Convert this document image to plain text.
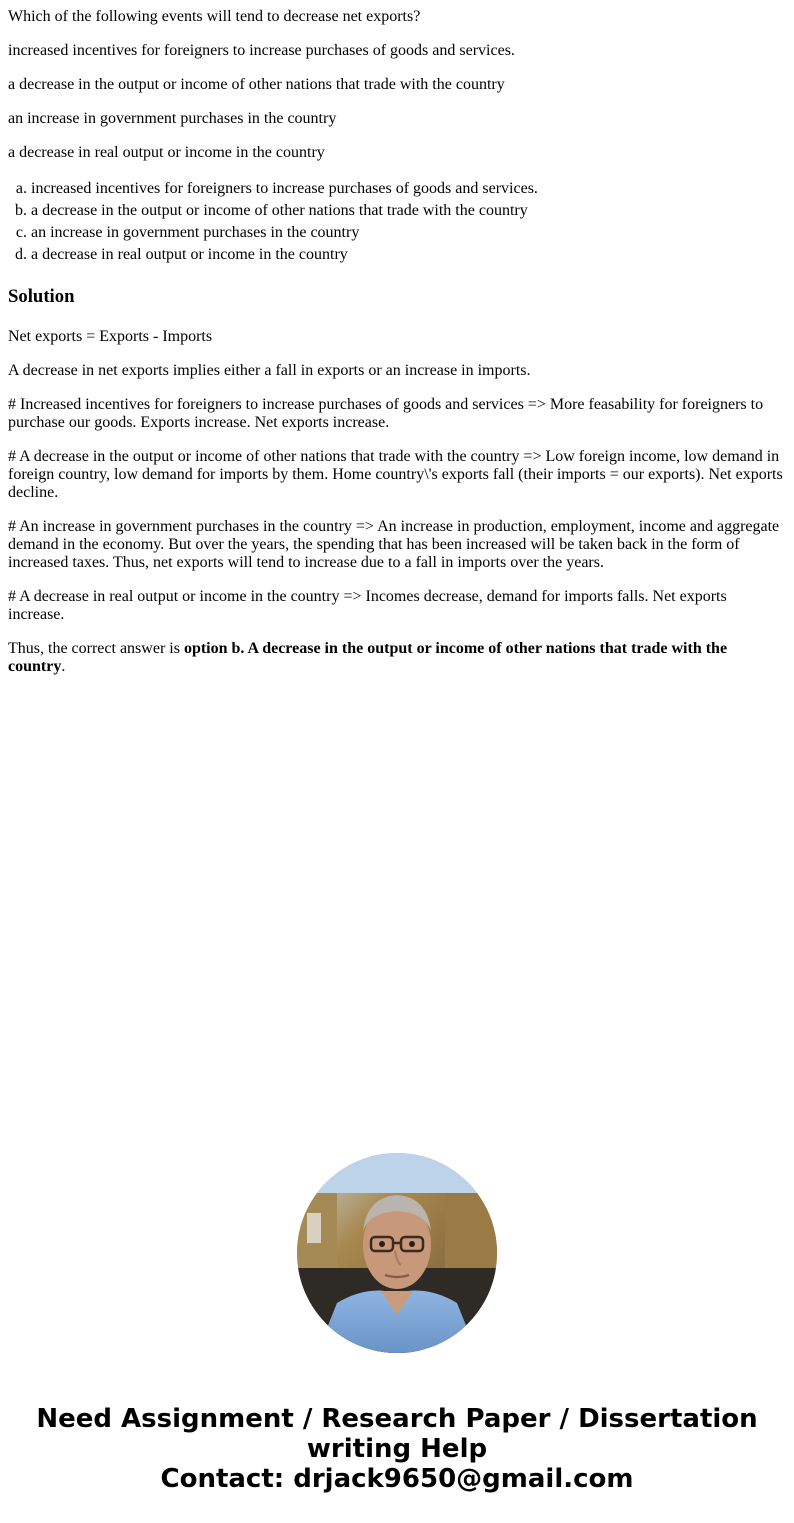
Which of the following events will tend to decrease net exports?

increased incentives for foreigners to increase purchases of goods and services.

a decrease in the output or income of other nations that trade with the country

an increase in government purchases in the country

a decrease in real output or income in the country

a. increased incentives for foreigners to increase purchases of goods and services.
b. a decrease in the output or income of other nations that trade with the country
c. an increase in government purchases in the country
d. a decrease in real output or income in the country
Solution

Net exports = Exports - Imports

A decrease in net exports implies either a fall in exports or an increase in imports.

# Increased incentives for foreigners to increase purchases of goods and services => More feasability for foreigners to purchase our goods. Exports increase. Net exports increase.

# A decrease in the output or income of other nations that trade with the country => Low foreign income, low demand in foreign country, low demand for imports by them. Home country\'s exports fall (their imports = our exports). Net exports decline.

# An increase in government purchases in the country => An increase in production, employment, income and aggregate demand in the economy. But over the years, the spending that has been increased will be taken back in the form of increased taxes. Thus, net exports will tend to increase due to a fall in imports over the years.

# A decrease in real output or income in the country => Incomes decrease, demand for imports falls. Net exports increase.

Thus, the correct answer is option b. A decrease in the output or income of other nations that trade with the country.

Need Assignment / Research Paper / Dissertation
writing Help
Contact: drjack9650@gmail.com
